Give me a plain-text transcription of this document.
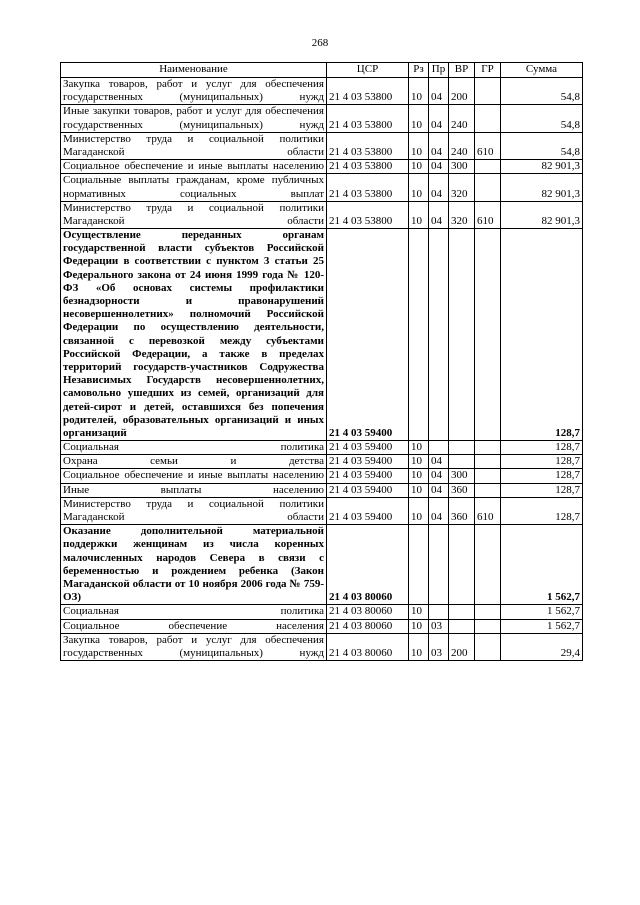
268
Наименование	ЦСР	Рз	Пр	ВР	ГР	Сумма
Закупка товаров, работ и услуг для обеспечения государственных (муниципальных) нужд	21 4 03 53800	10	04	200		54,8
Иные закупки товаров, работ и услуг для обеспечения государственных (муниципальных) нужд	21 4 03 53800	10	04	240		54,8
Министерство труда и социальной политики Магаданской области	21 4 03 53800	10	04	240	610	54,8
Социальное обеспечение и иные выплаты населению	21 4 03 53800	10	04	300		82 901,3
Социальные выплаты гражданам, кроме публичных нормативных социальных выплат	21 4 03 53800	10	04	320		82 901,3
Министерство труда и социальной политики Магаданской области	21 4 03 53800	10	04	320	610	82 901,3
Осуществление переданных органам государственной власти субъектов Российской Федерации в соответствии с пунктом 3 статьи 25 Федерального закона от 24 июня 1999 года № 120-ФЗ «Об основах системы профилактики безнадзорности и правонарушений несовершеннолетних» полномочий Российской Федерации по осуществлению деятельности, связанной с перевозкой между субъектами Российской Федерации, а также в пределах территорий государств-участников Содружества Независимых Государств несовершеннолетних, самовольно ушедших из семей, организаций для детей-сирот и детей, оставшихся без попечения родителей, образовательных организаций и иных организаций	21 4 03 59400					128,7
Социальная политика	21 4 03 59400	10				128,7
Охрана семьи и детства	21 4 03 59400	10	04			128,7
Социальное обеспечение и иные выплаты населению	21 4 03 59400	10	04	300		128,7
Иные выплаты населению	21 4 03 59400	10	04	360		128,7
Министерство труда и социальной политики Магаданской области	21 4 03 59400	10	04	360	610	128,7
Оказание дополнительной материальной поддержки женщинам из числа коренных малочисленных народов Севера в связи с беременностью и рождением ребенка (Закон Магаданской области от 10 ноября 2006 года № 759-ОЗ)	21 4 03 80060					1 562,7
Социальная политика	21 4 03 80060	10				1 562,7
Социальное обеспечение населения	21 4 03 80060	10	03			1 562,7
Закупка товаров, работ и услуг для обеспечения государственных (муниципальных) нужд	21 4 03 80060	10	03	200		29,4
